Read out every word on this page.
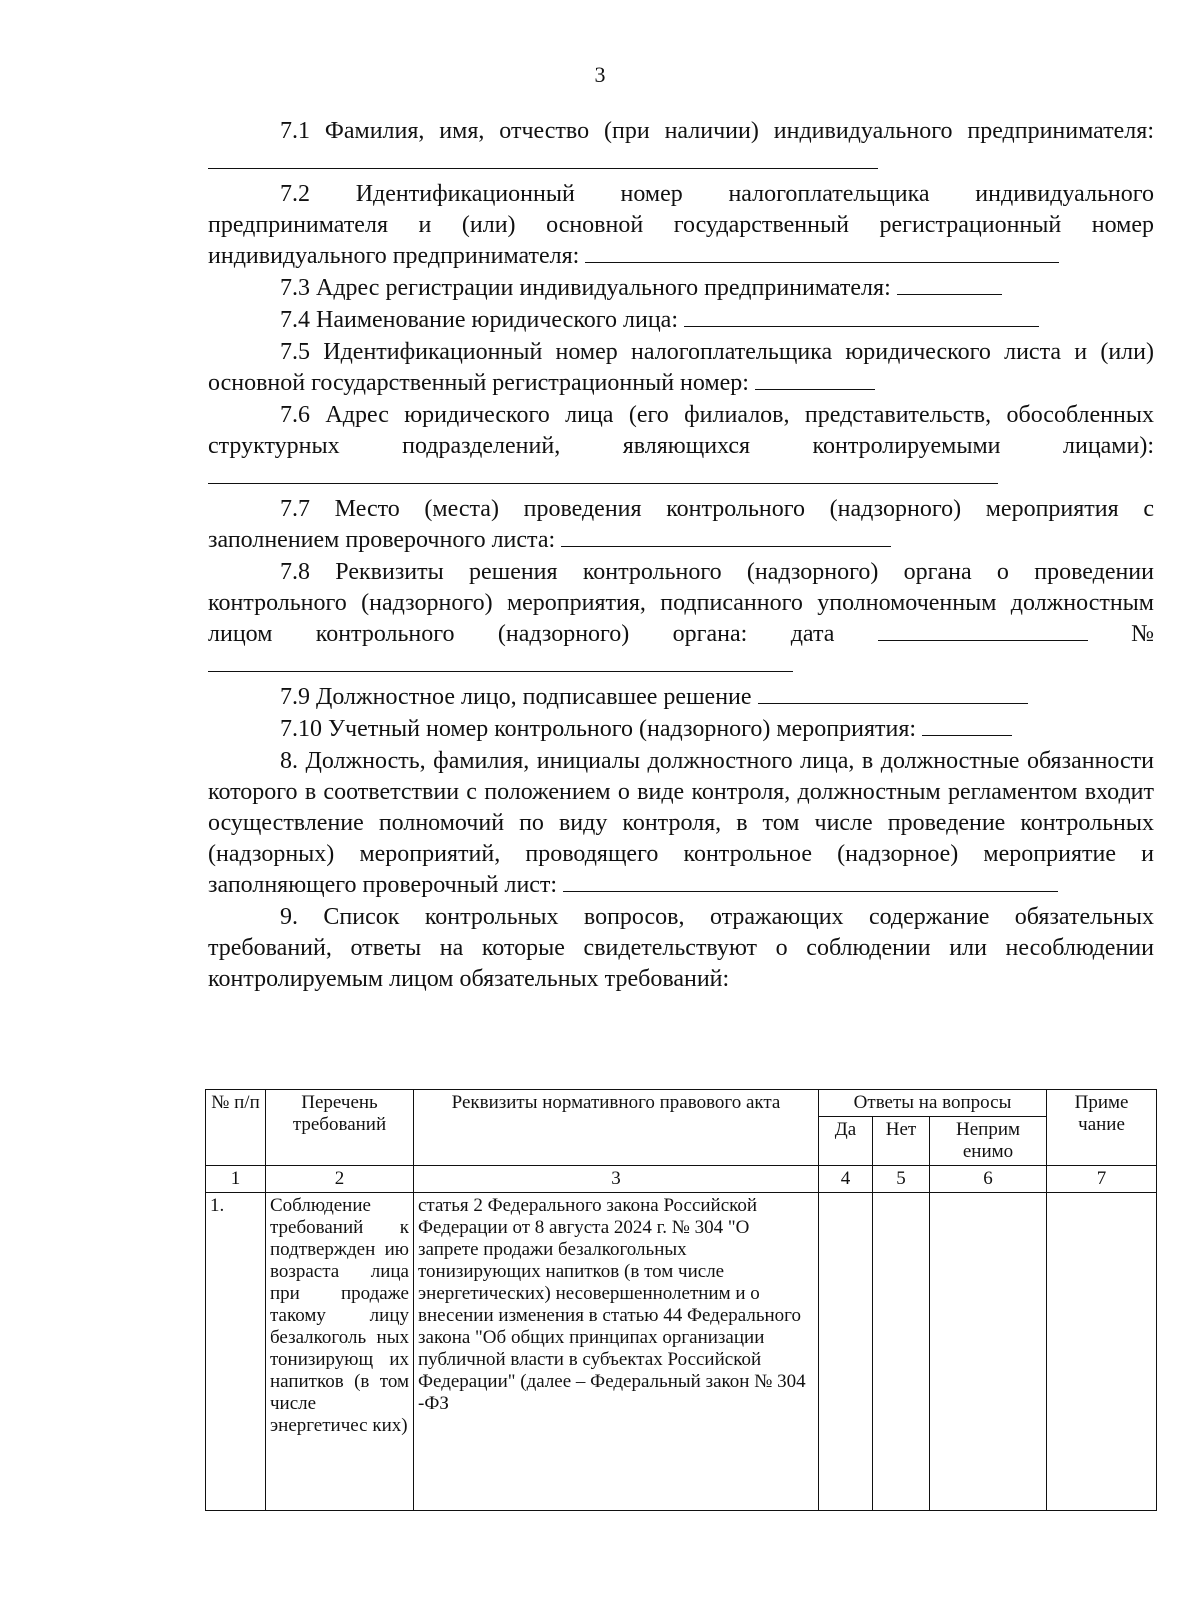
3

7.1 Фамилия, имя, отчество (при наличии) индивидуального предпринимателя:

7.2 Идентификационный номер налогоплательщика индивидуального предпринимателя и (или) основной государственный регистрационный номер индивидуального предпринимателя:

7.3 Адрес регистрации индивидуального предпринимателя:

7.4 Наименование юридического лица:

7.5 Идентификационный номер налогоплательщика юридического листа и (или) основной государственный регистрационный номер:

7.6 Адрес юридического лица (его филиалов, представительств, обособленных структурных подразделений, являющихся контролируемыми лицами):

7.7 Место (места) проведения контрольного (надзорного) мероприятия с заполнением проверочного листа:

7.8 Реквизиты решения контрольного (надзорного) органа о проведении контрольного (надзорного) мероприятия, подписанного уполномоченным должностным лицом контрольного (надзорного) органа: дата	№

7.9 Должностное лицо, подписавшее решение

7.10 Учетный номер контрольного (надзорного) мероприятия:

8. Должность, фамилия, инициалы должностного лица, в должностные обязанности которого в соответствии с положением о виде контроля, должностным регламентом входит осуществление полномочий по виду контроля, в том числе проведение контрольных (надзорных) мероприятий, проводящего контрольное (надзорное) мероприятие и заполняющего проверочный лист:

9. Список контрольных вопросов, отражающих содержание обязательных требований, ответы на которые свидетельствуют о соблюдении или несоблюдении контролируемым лицом обязательных требований:

№ п/п	Перечень требований	Реквизиты нормативного правового акта	Ответы на вопросы			Приме чание
			Да	Нет	Неприм енимо	
1	2	3	4	5	6	7
1.	Соблюдение требований к подтвержден ию возраста лица при продаже такому лицу безалкоголь ных тонизирующ их напитков (в том числе энергетичес ких)	статья 2 Федерального закона Российской Федерации от 8 августа 2024 г. № 304 "О запрете продажи безалкогольных тонизирующих напитков (в том числе энергетических) несовершеннолетним и о внесении изменения в статью 44 Федерального закона "Об общих принципах организации публичной власти в субъектах Российской Федерации" (далее – Федеральный закон № 304 -ФЗ				
